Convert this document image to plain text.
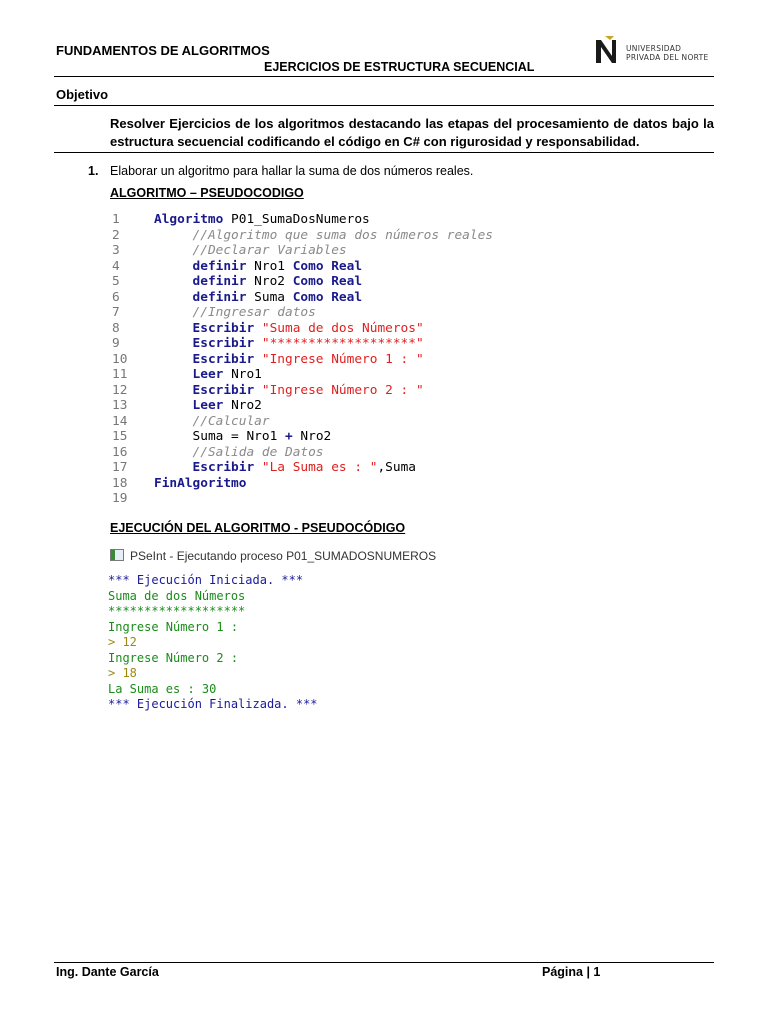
FUNDAMENTOS DE ALGORITMOS
EJERCICIOS DE ESTRUCTURA SECUENCIAL
UNIVERSIDAD
PRIVADA DEL NORTE
Objetivo
Resolver Ejercicios de los algoritmos destacando las etapas del procesamiento de datos bajo la estructura secuencial codificando el código en C# con rigurosidad y responsabilidad.
1. Elaborar un algoritmo para hallar la suma de dos números reales.
ALGORITMO – PSEUDOCODIGO
1	Algoritmo P01_SumaDosNumeros
2	//Algoritmo que suma dos números reales
3	//Declarar Variables
4	definir Nro1 Como Real
5	definir Nro2 Como Real
6	definir Suma Como Real
7	//Ingresar datos
8	Escribir "Suma de dos Números"
9	Escribir "*******************"
10	Escribir "Ingrese Número 1 : "
11	Leer Nro1
12	Escribir "Ingrese Número 2 : "
13	Leer Nro2
14	//Calcular
15	Suma = Nro1 + Nro2
16	//Salida de Datos
17	Escribir "La Suma es : ",Suma
18 FinAlgoritmo
19
EJECUCIÓN DEL ALGORITMO - PSEUDOCÓDIGO
PSeInt - Ejecutando proceso P01_SUMADOSNUMEROS
*** Ejecución Iniciada. ***
Suma de dos Números
*******************
Ingrese Número 1 :
> 12
Ingrese Número 2 :
> 18
La Suma es : 30
*** Ejecución Finalizada. ***
Ing. Dante García	Página | 1
